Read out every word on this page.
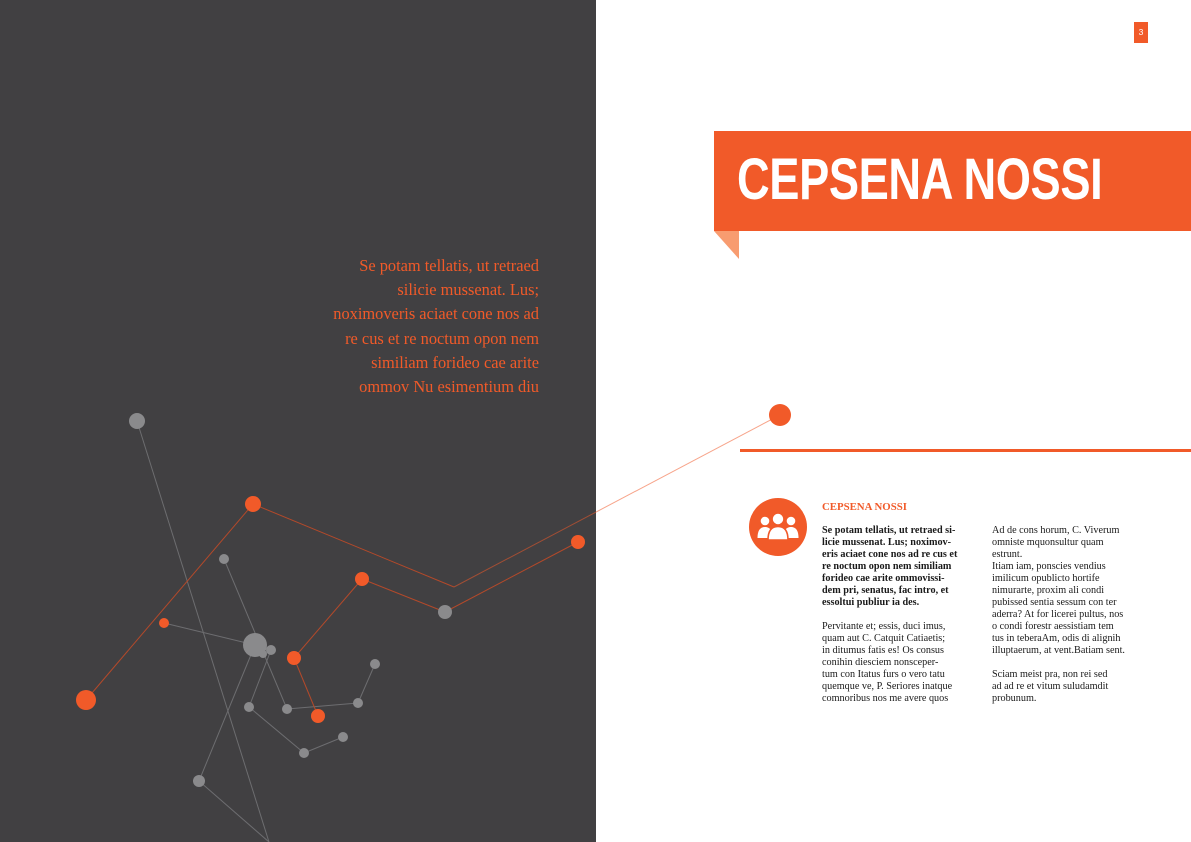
Se potam tellatis, ut retraed silicie mussenat. Lus; noximoveris aciaet cone nos ad re cus et re noctum opon nem similiam forideo cae arite ommov Nu esimentium diu

3
CEPSENA NOSSI
CEPSENA NOSSI

Se potam tellatis, ut retraed si-
licie mussenat. Lus; noximov-
eris aciaet cone nos ad re cus et
re noctum opon nem similiam
forideo cae arite ommovissi-
dem pri, senatus, fac intro, et
essoltui publiur ia des.

Pervitante et; essis, duci imus,
quam aut C. Catquit Catiaetis;
in ditumus fatis es! Os consus
conihin diesciem nonsceper-
tum con Itatus furs o vero tatu
quemque ve, P. Seriores inatque
comnoribus nos me avere quos

Ad de cons horum, C. Viverum
omniste mquonsultur quam
estrunt.
Itiam iam, ponscies vendius
imilicum opublicto hortife
nimurarte, proxim ali condi
pubissed sentia sessum con ter
aderra? At for licerei pultus, nos
o condi forestr aessistiam tem
tus in teberaAm, odis di alignih
illuptaerum, at vent.Batiam sent.

Sciam meist pra, non rei sed
ad ad re et vitum suludamdit
probunum.
